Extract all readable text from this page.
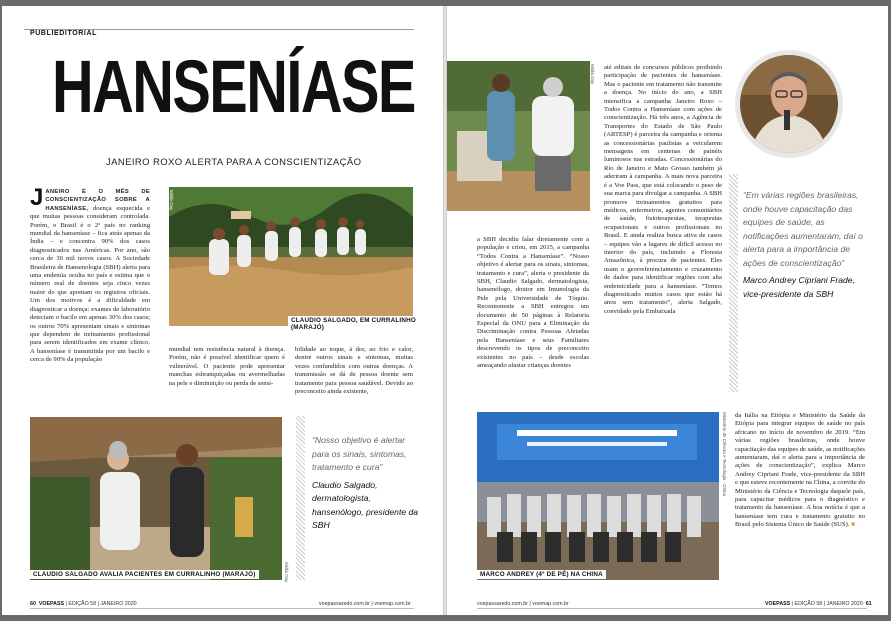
PUBLIEDITORIAL
HANSENÍASE
JANEIRO ROXO ALERTA PARA A CONSCIENTIZAÇÃO
J ANEIRO É O MÊS DE CONSCIENTIZAÇÃO SOBRE A HANSENÍASE, doença esquecida e que muitas pessoas consideram controlada. Porém, o Brasil é o 2º país no ranking mundial da hanseníase – fica atrás apenas da Índia – e concentra 90% dos casos diagnosticados nas Américas. Por ano, são cerca de 30 mil novos casos. A Sociedade Brasileira de Hansenologia (SBH) alerta para uma endemia oculta no país e estima que o número real de doentes seja cinco vezes maior do que apontam os registros oficiais. Um dos motivos é a dificuldade em diagnosticar a doença: exames de laboratório detectam o bacilo em apenas 30% dos casos; os outros 70% apresentam sinais e sintomas que dependem de treinamento profissional para serem identificados em exame clínico. A hanseníase é transmitida por um bacilo e cerca de 90% da população
CLAUDIO SALGADO, EM CURRALINHO (MARAJÓ)
Mídia Day
mundial tem resistência natural à doença. Porém, não é possível identificar quem é vulnerável. O paciente pode apresentar manchas esbranquiçadas ou avermelhadas na pele e diminuição ou perda de sensi-
bilidade ao toque, à dor, ao frio e calor, dentre outros sinais e sintomas, muitas vezes confundidos com outras doenças. A transmissão se dá de pessoa doente sem tratamento para pessoa saudável. Devido ao preconceito ainda existente,
CLAUDIO SALGADO AVALIA PACIENTES EM CURRALINHO (MARAJÓ)	Mídia Day
“Nosso objetivo é alertar para os sinais, sintomas, tratamento e cura”
Claudio Salgado, dermatologista, hansenólogo, presidente da SBH
60 VOEPASS | EDIÇÃO 58 | JANEIRO 2020	voepassaredo.com.br | voemap.com.br
Mídia Day
a SBH decidiu falar diretamente com a população e criou, em 2015, a campanha “Todos Contra a Hanseníase”. “Nosso objetivo é alertar para os sinais, sintomas, tratamento e cura”, alerta o presidente da SBH, Claudio Salgado, dermatologista, hansenólogo, doutor em Imunologia da Pele pela Universidade de Tóquio. Recentemente a SBH entregou um documento de 50 páginas à Relatoria Especial da ONU para a Eliminação da Discriminação contra Pessoas Afetadas pela Hanseníase e seus Familiares descrevendo os tipos de preconceito existentes no país – desde escolas ameaçando afastar crianças doentes
até editais de concursos públicos proibindo participação de pacientes de hanseníase. Mas o paciente em tratamento não transmite a doença. No início do ano, a SBH intensifica a campanha Janeiro Roxo – Todos Contra a Hanseníase com ações de conscientização. Há três anos, a Agência de Transportes do Estado de São Paulo (ARTESP) é parceira da campanha e orienta as concessionárias paulistas a veicularem mensagens em centenas de painéis luminosos nas estradas. Concessionárias do Rio de Janeiro e Mato Grosso também já aderiram à campanha. A mais nova parceira é a Voe Pass, que está colocando o peso de sua marca para divulgar a campanha. A SBH promove treinamentos gratuitos para médicos, enfermeiros, agentes comunitários de saúde, fisioterapeutas, terapeutas ocupacionais e outros profissionais no Brasil. E ainda realiza busca ativa de casos – equipes vão a lugares de difícil acesso no interior do país, incluindo a Floresta Amazônica, à procura de pacientes. Eles usam o georreferenciamento e cruzamento de dados para identificar regiões com alta endemicidade para a hanseníase. “Temos diagnosticado muitos casos que estão há anos sem tratamento”, alerta Salgado, convidado pela Embaixada
“Em várias regiões brasileiras, onde houve capacitação das equipes de saúde, as notificações aumentaram, daí o alerta para a importância de ações de conscientização”
Marco Andrey Cipriani Frade, vice-presidente da SBH
MARCO ANDREY (4º DE PÉ) NA CHINA
Ministério de Ciência e Tecnologia - China da Itália na Etiópia e Ministério da Saúde da Etiópia para integrar equipes de saúde no país africano no início de novembro de 2019. “Em várias regiões brasileiras, onde houve capacitação das equipes de saúde, as notificações aumentaram, daí o alerta para a importância de ações de conscientização”, explica Marco Andrey Cipriani Frade, vice-presidente da SBH e que esteve recentemente na China, a convite do Ministério da Ciência e Tecnologia daquele país, para capacitar médicos para o diagnóstico e tratamento da hanseníase. A boa notícia é que a hanseníase tem cura e tratamento gratuito no Brasil pelo Sistema Único de Saúde (SUS). ■
voepassaredo.com.br | voemap.com.br	VOEPASS | EDIÇÃO 58 | JANEIRO 2020 61
